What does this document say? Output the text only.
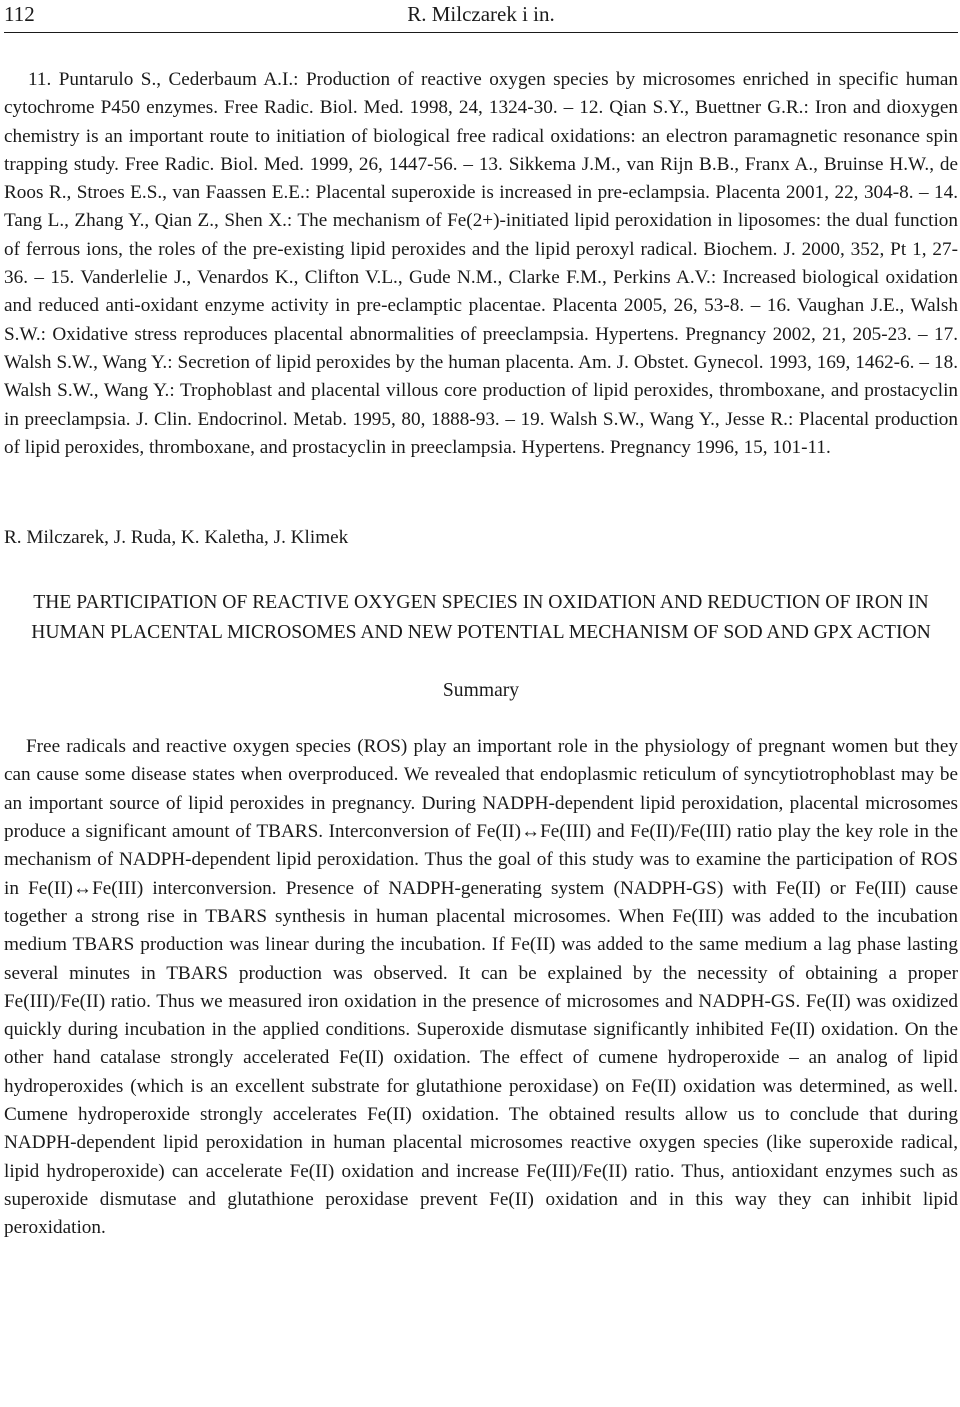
112	R. Milczarek i in.

11. Puntarulo S., Cederbaum A.I.: Production of reactive oxygen species by microsomes enriched in specific human cytochrome P450 enzymes. Free Radic. Biol. Med. 1998, 24, 1324-30. – 12. Qian S.Y., Buettner G.R.: Iron and dioxygen chemistry is an important route to initiation of biological free radical oxidations: an electron paramagnetic resonance spin trapping study. Free Radic. Biol. Med. 1999, 26, 1447-56. – 13. Sikkema J.M., van Rijn B.B., Franx A., Bruinse H.W., de Roos R., Stroes E.S., van Faassen E.E.: Placental superoxide is increased in pre-eclampsia. Placenta 2001, 22, 304-8. – 14. Tang L., Zhang Y., Qian Z., Shen X.: The mechanism of Fe(2+)-initiated lipid peroxidation in liposomes: the dual function of ferrous ions, the roles of the pre-existing lipid peroxides and the lipid peroxyl radical. Biochem. J. 2000, 352, Pt 1, 27-36. – 15. Vanderlelie J., Venardos K., Clifton V.L., Gude N.M., Clarke F.M., Perkins A.V.: Increased biological oxidation and reduced anti-oxidant enzyme activity in pre-eclamptic placentae. Placenta 2005, 26, 53-8. – 16. Vaughan J.E., Walsh S.W.: Oxidative stress reproduces placental abnormalities of preeclampsia. Hypertens. Pregnancy 2002, 21, 205-23. – 17. Walsh S.W., Wang Y.: Secretion of lipid peroxides by the human placenta. Am. J. Obstet. Gynecol. 1993, 169, 1462-6. – 18. Walsh S.W., Wang Y.: Trophoblast and placental villous core production of lipid peroxides, thromboxane, and prostacyclin in preeclampsia. J. Clin. Endocrinol. Metab. 1995, 80, 1888-93. – 19. Walsh S.W., Wang Y., Jesse R.: Placental production of lipid peroxides, thromboxane, and prostacyclin in preeclampsia. Hypertens. Pregnancy 1996, 15, 101-11.

R. Milczarek, J. Ruda, K. Kaletha, J. Klimek
THE PARTICIPATION OF REACTIVE OXYGEN SPECIES IN OXIDATION AND REDUCTION OF IRON IN HUMAN PLACENTAL MICROSOMES AND NEW POTENTIAL MECHANISM OF SOD AND GPX ACTION
Summary

Free radicals and reactive oxygen species (ROS) play an important role in the physiology of pregnant women but they can cause some disease states when overproduced. We revealed that endoplasmic reticulum of syncytiotrophoblast may be an important source of lipid peroxides in pregnancy. During NADPH-dependent lipid peroxidation, placental microsomes produce a significant amount of TBARS. Interconversion of Fe(II)↔Fe(III) and Fe(II)/Fe(III) ratio play the key role in the mechanism of NADPH-dependent lipid peroxidation. Thus the goal of this study was to examine the participation of ROS in Fe(II)↔Fe(III) interconversion. Presence of NADPH-generating system (NADPH-GS) with Fe(II) or Fe(III) cause together a strong rise in TBARS synthesis in human placental microsomes. When Fe(III) was added to the incubation medium TBARS production was linear during the incubation. If Fe(II) was added to the same medium a lag phase lasting several minutes in TBARS production was observed. It can be explained by the necessity of obtaining a proper Fe(III)/Fe(II) ratio. Thus we measured iron oxidation in the presence of microsomes and NADPH-GS. Fe(II) was oxidized quickly during incubation in the applied conditions. Superoxide dismutase significantly inhibited Fe(II) oxidation. On the other hand catalase strongly accelerated Fe(II) oxidation. The effect of cumene hydroperoxide – an analog of lipid hydroperoxides (which is an excellent substrate for glutathione peroxidase) on Fe(II) oxidation was determined, as well. Cumene hydroperoxide strongly accelerates Fe(II) oxidation. The obtained results allow us to conclude that during NADPH-dependent lipid peroxidation in human placental microsomes reactive oxygen species (like superoxide radical, lipid hydroperoxide) can accelerate Fe(II) oxidation and increase Fe(III)/Fe(II) ratio. Thus, antioxidant enzymes such as superoxide dismutase and glutathione peroxidase prevent Fe(II) oxidation and in this way they can inhibit lipid peroxidation.
